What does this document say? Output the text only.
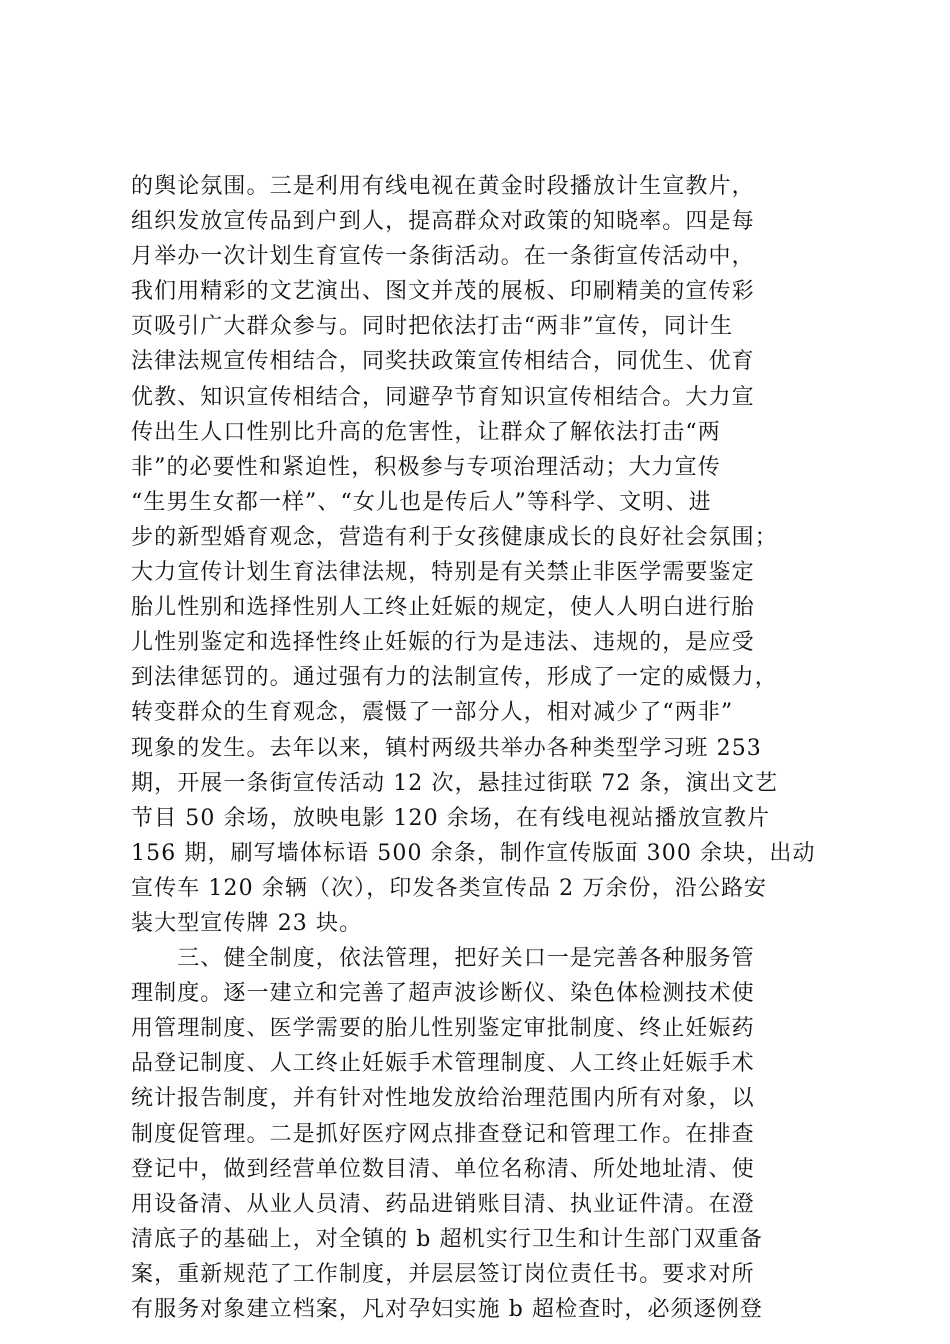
的舆论氛围。三是利用有线电视在黄金时段播放计生宣教片，
组织发放宣传品到户到人，提高群众对政策的知晓率。四是每
月举办一次计划生育宣传一条街活动。在一条街宣传活动中，
我们用精彩的文艺演出、图文并茂的展板、印刷精美的宣传彩
页吸引广大群众参与。同时把依法打击“两非”宣传，同计生
法律法规宣传相结合，同奖扶政策宣传相结合，同优生、优育
优教、知识宣传相结合，同避孕节育知识宣传相结合。大力宣
传出生人口性别比升高的危害性，让群众了解依法打击“两
非”的必要性和紧迫性，积极参与专项治理活动；大力宣传
“生男生女都一样”、“女儿也是传后人”等科学、文明、进
步的新型婚育观念，营造有利于女孩健康成长的良好社会氛围；
大力宣传计划生育法律法规，特别是有关禁止非医学需要鉴定
胎儿性别和选择性别人工终止妊娠的规定，使人人明白进行胎
儿性别鉴定和选择性终止妊娠的行为是违法、违规的，是应受
到法律惩罚的。通过强有力的法制宣传，形成了一定的威慑力，
转变群众的生育观念，震慑了一部分人，相对减少了“两非”
现象的发生。去年以来，镇村两级共举办各种类型学习班 253
期，开展一条街宣传活动 12 次，悬挂过街联 72 条，演出文艺
节目 50 余场，放映电影 120 余场，在有线电视站播放宣教片
156 期，刷写墙体标语 500 余条，制作宣传版面 300 余块，出动
宣传车 120 余辆（次），印发各类宣传品 2 万余份，沿公路安
装大型宣传牌 23 块。
　　三、健全制度，依法管理，把好关口一是完善各种服务管
理制度。逐一建立和完善了超声波诊断仪、染色体检测技术使
用管理制度、医学需要的胎儿性别鉴定审批制度、终止妊娠药
品登记制度、人工终止妊娠手术管理制度、人工终止妊娠手术
统计报告制度，并有针对性地发放给治理范围内所有对象，以
制度促管理。二是抓好医疗网点排查登记和管理工作。在排查
登记中，做到经营单位数目清、单位名称清、所处地址清、使
用设备清、从业人员清、药品进销账目清、执业证件清。在澄
清底子的基础上，对全镇的 b 超机实行卫生和计生部门双重备
案，重新规范了工作制度，并层层签订岗位责任书。要求对所
有服务对象建立档案，凡对孕妇实施 b 超检查时，必须逐例登
